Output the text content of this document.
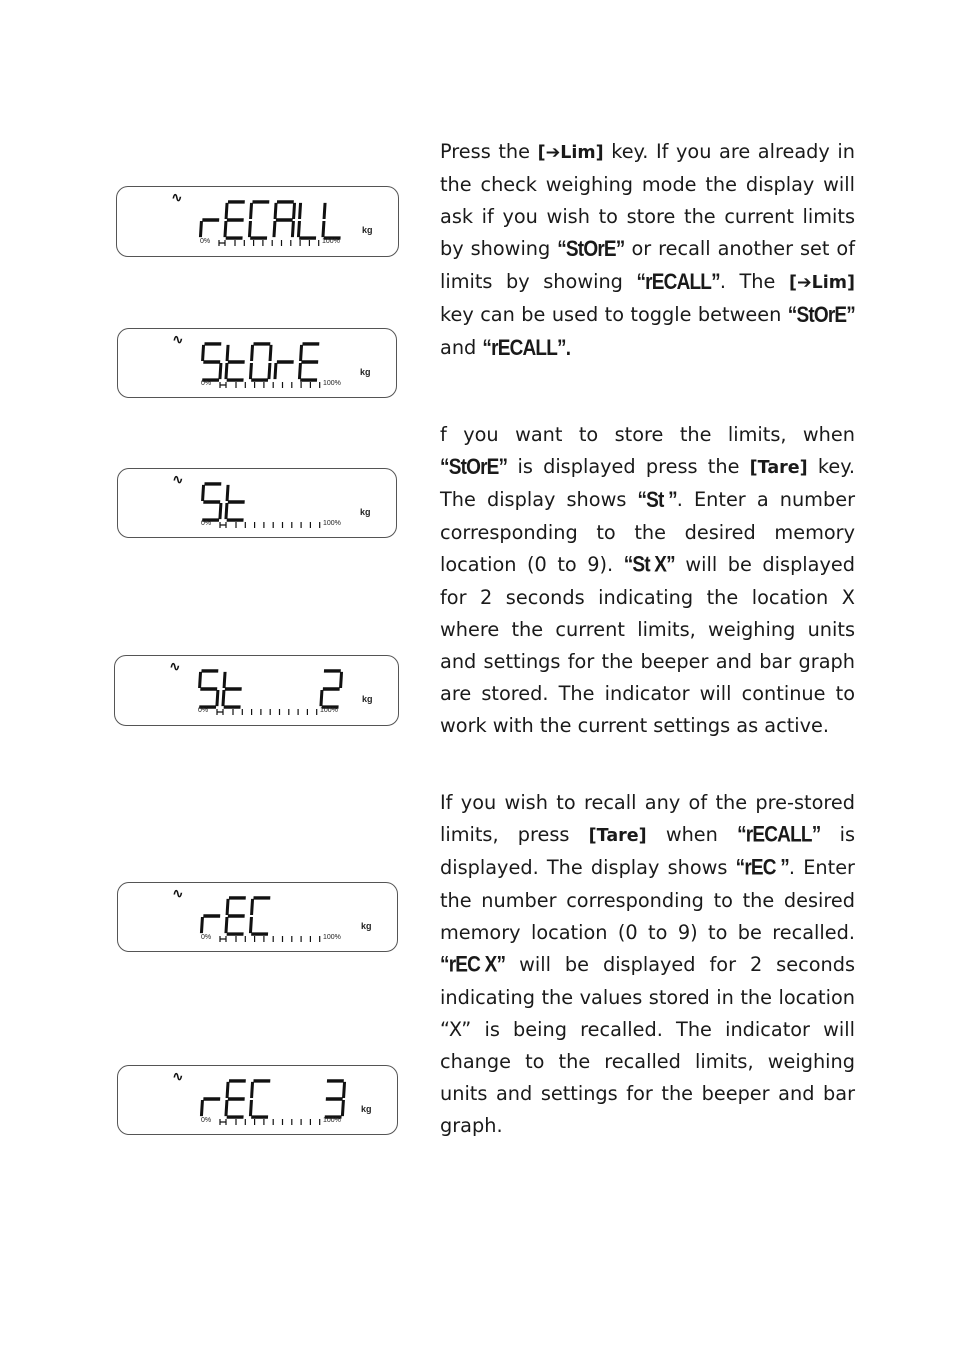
∿
kg
0%	100%
∿
kg
0%	100%
∿
kg
0%	100%
∿
kg
0%	100%
∿
kg
0%	100%
∿
kg
0%	100%

Press the [➔Lim] key. If you are already in the check weighing mode the display will ask if you wish to store the current limits by showing “StOrE” or recall another set of limits by showing “rECALL”. The [➔Lim] key can be used to toggle between “StOrE” and “rECALL”.

f you want to store the limits, when “StOrE” is displayed press the [Tare] key. The display shows “St ”. Enter a number corresponding to the desired memory location (0 to 9). “St X” will be displayed for 2 seconds indicating the location X where the current limits, weighing units and settings for the beeper and bar graph are stored. The indicator will continue to work with the current settings as active.

If you wish to recall any of the pre-stored limits, press [Tare] when “rECALL” is displayed. The display shows “rEC ”. Enter the number corresponding to the desired memory location (0 to 9) to be recalled. “rEC X” will be displayed for 2 seconds indicating the values stored in the location “X” is being recalled. The indicator will change to the recalled limits, weighing units and settings for the beeper and bar graph.
